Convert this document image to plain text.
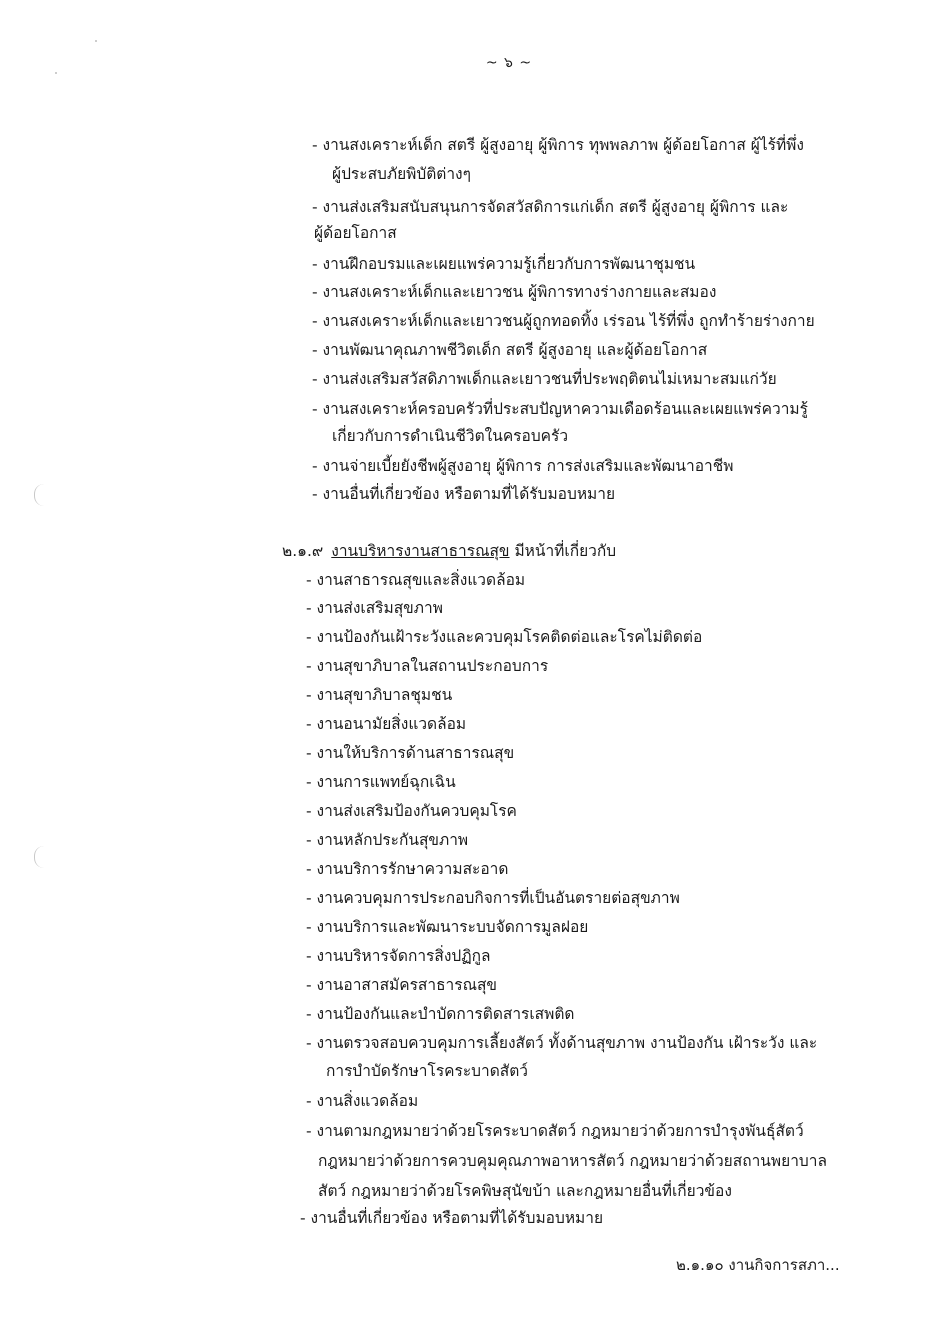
~ ๖ ~
- งานสงเคราะห์เด็ก สตรี ผู้สูงอายุ ผู้พิการ ทุพพลภาพ ผู้ด้อยโอกาส ผู้ไร้ที่พึ่ง
ผู้ประสบภัยพิบัติต่างๆ
- งานส่งเสริมสนับสนุนการจัดสวัสดิการแก่เด็ก สตรี ผู้สูงอายุ ผู้พิการ และ
ผู้ด้อยโอกาส
- งานฝึกอบรมและเผยแพร่ความรู้เกี่ยวกับการพัฒนาชุมชน
- งานสงเคราะห์เด็กและเยาวชน ผู้พิการทางร่างกายและสมอง
- งานสงเคราะห์เด็กและเยาวชนผู้ถูกทอดทิ้ง เร่รอน ไร้ที่พึ่ง ถูกทำร้ายร่างกาย
- งานพัฒนาคุณภาพชีวิตเด็ก สตรี ผู้สูงอายุ และผู้ด้อยโอกาส
- งานส่งเสริมสวัสดิภาพเด็กและเยาวชนที่ประพฤติตนไม่เหมาะสมแก่วัย
- งานสงเคราะห์ครอบครัวที่ประสบปัญหาความเดือดร้อนและเผยแพร่ความรู้
เกี่ยวกับการดำเนินชีวิตในครอบครัว
- งานจ่ายเบี้ยยังชีพผู้สูงอายุ ผู้พิการ การส่งเสริมและพัฒนาอาชีพ
- งานอื่นที่เกี่ยวข้อง หรือตามที่ได้รับมอบหมาย
๒.๑.๙ งานบริหารงานสาธารณสุข มีหน้าที่เกี่ยวกับ
- งานสาธารณสุขและสิ่งแวดล้อม
- งานส่งเสริมสุขภาพ
- งานป้องกันเฝ้าระวังและควบคุมโรคติดต่อและโรคไม่ติดต่อ
- งานสุขาภิบาลในสถานประกอบการ
- งานสุขาภิบาลชุมชน
- งานอนามัยสิ่งแวดล้อม
- งานให้บริการด้านสาธารณสุข
- งานการแพทย์ฉุกเฉิน
- งานส่งเสริมป้องกันควบคุมโรค
- งานหลักประกันสุขภาพ
- งานบริการรักษาความสะอาด
- งานควบคุมการประกอบกิจการที่เป็นอันตรายต่อสุขภาพ
- งานบริการและพัฒนาระบบจัดการมูลฝอย
- งานบริหารจัดการสิ่งปฏิกูล
- งานอาสาสมัครสาธารณสุข
- งานป้องกันและบำบัดการติดสารเสพติด
- งานตรวจสอบควบคุมการเลี้ยงสัตว์ ทั้งด้านสุขภาพ งานป้องกัน เฝ้าระวัง และ
การบำบัดรักษาโรคระบาดสัตว์
- งานสิ่งแวดล้อม
- งานตามกฎหมายว่าด้วยโรคระบาดสัตว์ กฎหมายว่าด้วยการบำรุงพันธุ์สัตว์
กฎหมายว่าด้วยการควบคุมคุณภาพอาหารสัตว์ กฎหมายว่าด้วยสถานพยาบาล
สัตว์ กฎหมายว่าด้วยโรคพิษสุนัขบ้า และกฎหมายอื่นที่เกี่ยวข้อง
- งานอื่นที่เกี่ยวข้อง หรือตามที่ได้รับมอบหมาย
๒.๑.๑๐ งานกิจการสภา...
